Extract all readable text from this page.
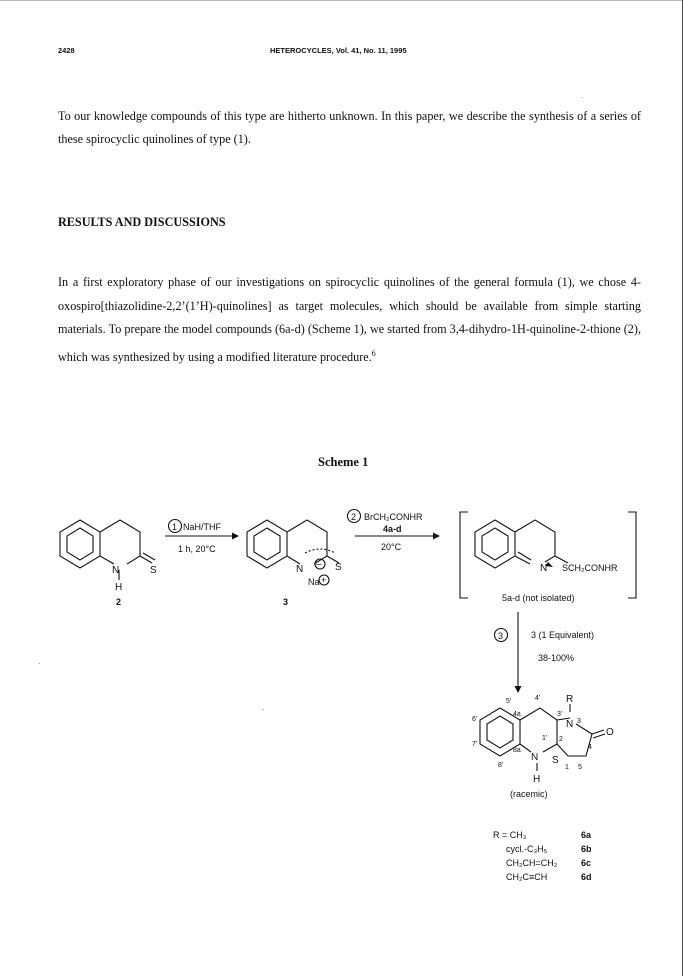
2428	HETEROCYCLES, Vol. 41, No. 11, 1995
To our knowledge compounds of this type are hitherto unknown. In this paper, we describe the synthesis of a series of these spirocyclic quinolines of type (1).
RESULTS AND DISCUSSIONS
In a first exploratory phase of our investigations on spirocyclic quinolines of the general formula (1), we chose 4-oxospiro[thiazolidine-2,2’(1’H)-quinolines] as target molecules, which should be available from simple starting materials. To prepare the model compounds (6a-d) (Scheme 1), we started from 3,4-dihydro-1H-quinoline-2-thione (2), which was synthesized by using a modified literature procedure.$^6$
.
Scheme 1
N	S
H
2
1 NaH/THF
1 h, 20°C
N − S
Na +
3
2 BrCH₂CONHR
4a-d
20°C
N SCH₂CONHR
5a-d (not isolated)
3	3 (1 Equivalent)
38-100%
R
N
O
N S
H
5'	4'
4a
6'
3'
3
1' 2
7'
8a
8'
4
1 5
(racemic)
R = CH₃	6a
cycl.-C₃H₅	6b
CH₂CH=CH₂	6c
CH₂C≡CH	6d
.
.
